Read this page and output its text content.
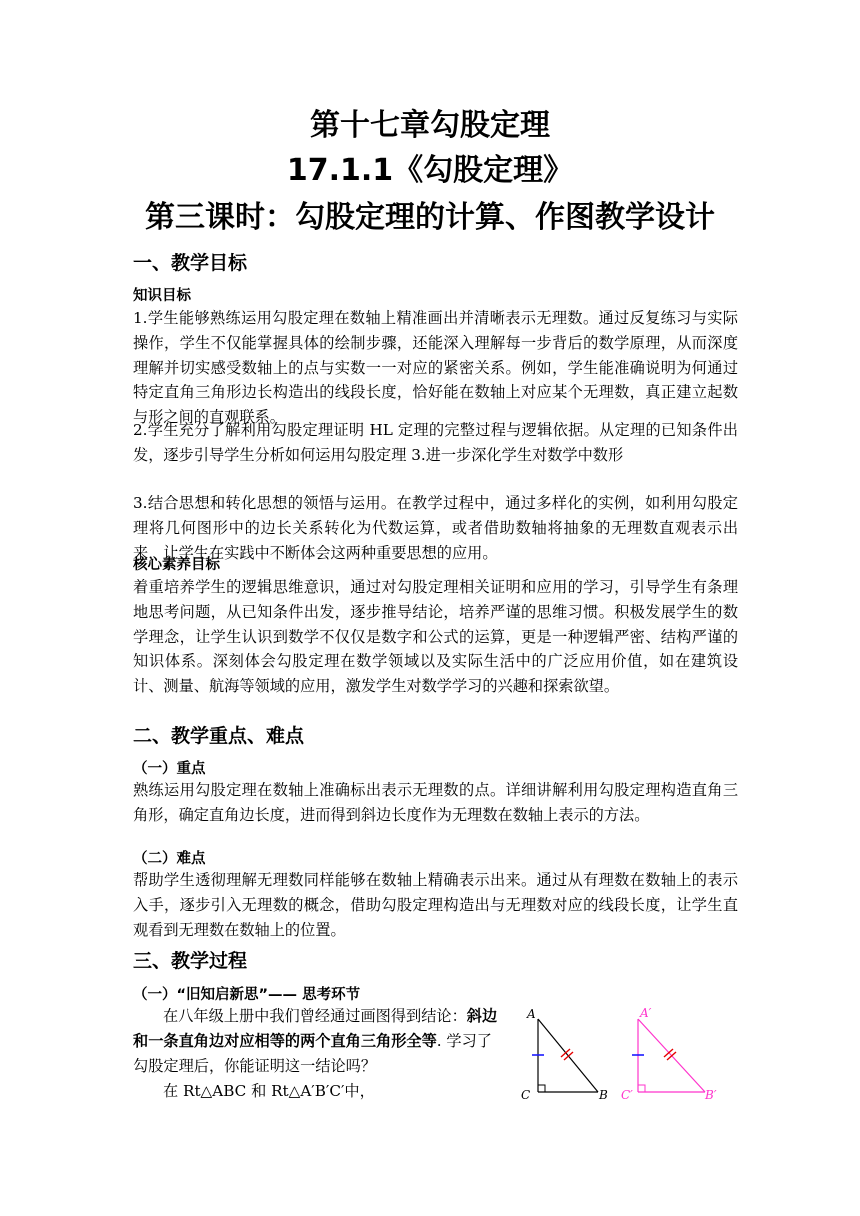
第十七章勾股定理
17.1.1《勾股定理》
第三课时：勾股定理的计算、作图教学设计
一、教学目标
知识目标
1.学生能够熟练运用勾股定理在数轴上精准画出并清晰表示无理数。通过反复练习与实际操作，学生不仅能掌握具体的绘制步骤，还能深入理解每一步背后的数学原理，从而深度理解并切实感受数轴上的点与实数一一对应的紧密关系。例如，学生能准确说明为何通过特定直角三角形边长构造出的线段长度，恰好能在数轴上对应某个无理数，真正建立起数与形之间的直观联系。
2.学生充分了解利用勾股定理证明 HL 定理的完整过程与逻辑依据。从定理的已知条件出发，逐步引导学生分析如何运用勾股定理 3.进一步深化学生对数学中数形
3.结合思想和转化思想的领悟与运用。在教学过程中，通过多样化的实例，如利用勾股定理将几何图形中的边长关系转化为代数运算，或者借助数轴将抽象的无理数直观表示出来，让学生在实践中不断体会这两种重要思想的应用。
核心素养目标
着重培养学生的逻辑思维意识，通过对勾股定理相关证明和应用的学习，引导学生有条理地思考问题，从已知条件出发，逐步推导结论，培养严谨的思维习惯。积极发展学生的数学理念，让学生认识到数学不仅仅是数字和公式的运算，更是一种逻辑严密、结构严谨的知识体系。深刻体会勾股定理在数学领域以及实际生活中的广泛应用价值，如在建筑设计、测量、航海等领域的应用，激发学生对数学学习的兴趣和探索欲望。
二、教学重点、难点
（一）重点
熟练运用勾股定理在数轴上准确标出表示无理数的点。详细讲解利用勾股定理构造直角三角形，确定直角边长度，进而得到斜边长度作为无理数在数轴上表示的方法。
（二）难点
帮助学生透彻理解无理数同样能够在数轴上精确表示出来。通过从有理数在数轴上的表示入手，逐步引入无理数的概念，借助勾股定理构造出与无理数对应的线段长度，让学生直观看到无理数在数轴上的位置。
三、教学过程
（一）“旧知启新思”—— 思考环节
在八年级上册中我们曾经通过画图得到结论：斜边和一条直角边对应相等的两个直角三角形全等. 学习了勾股定理后，你能证明这一结论吗？
在 Rt△ABC 和 Rt△A′B′C′中，
A
C	B
A′
C′	B′
